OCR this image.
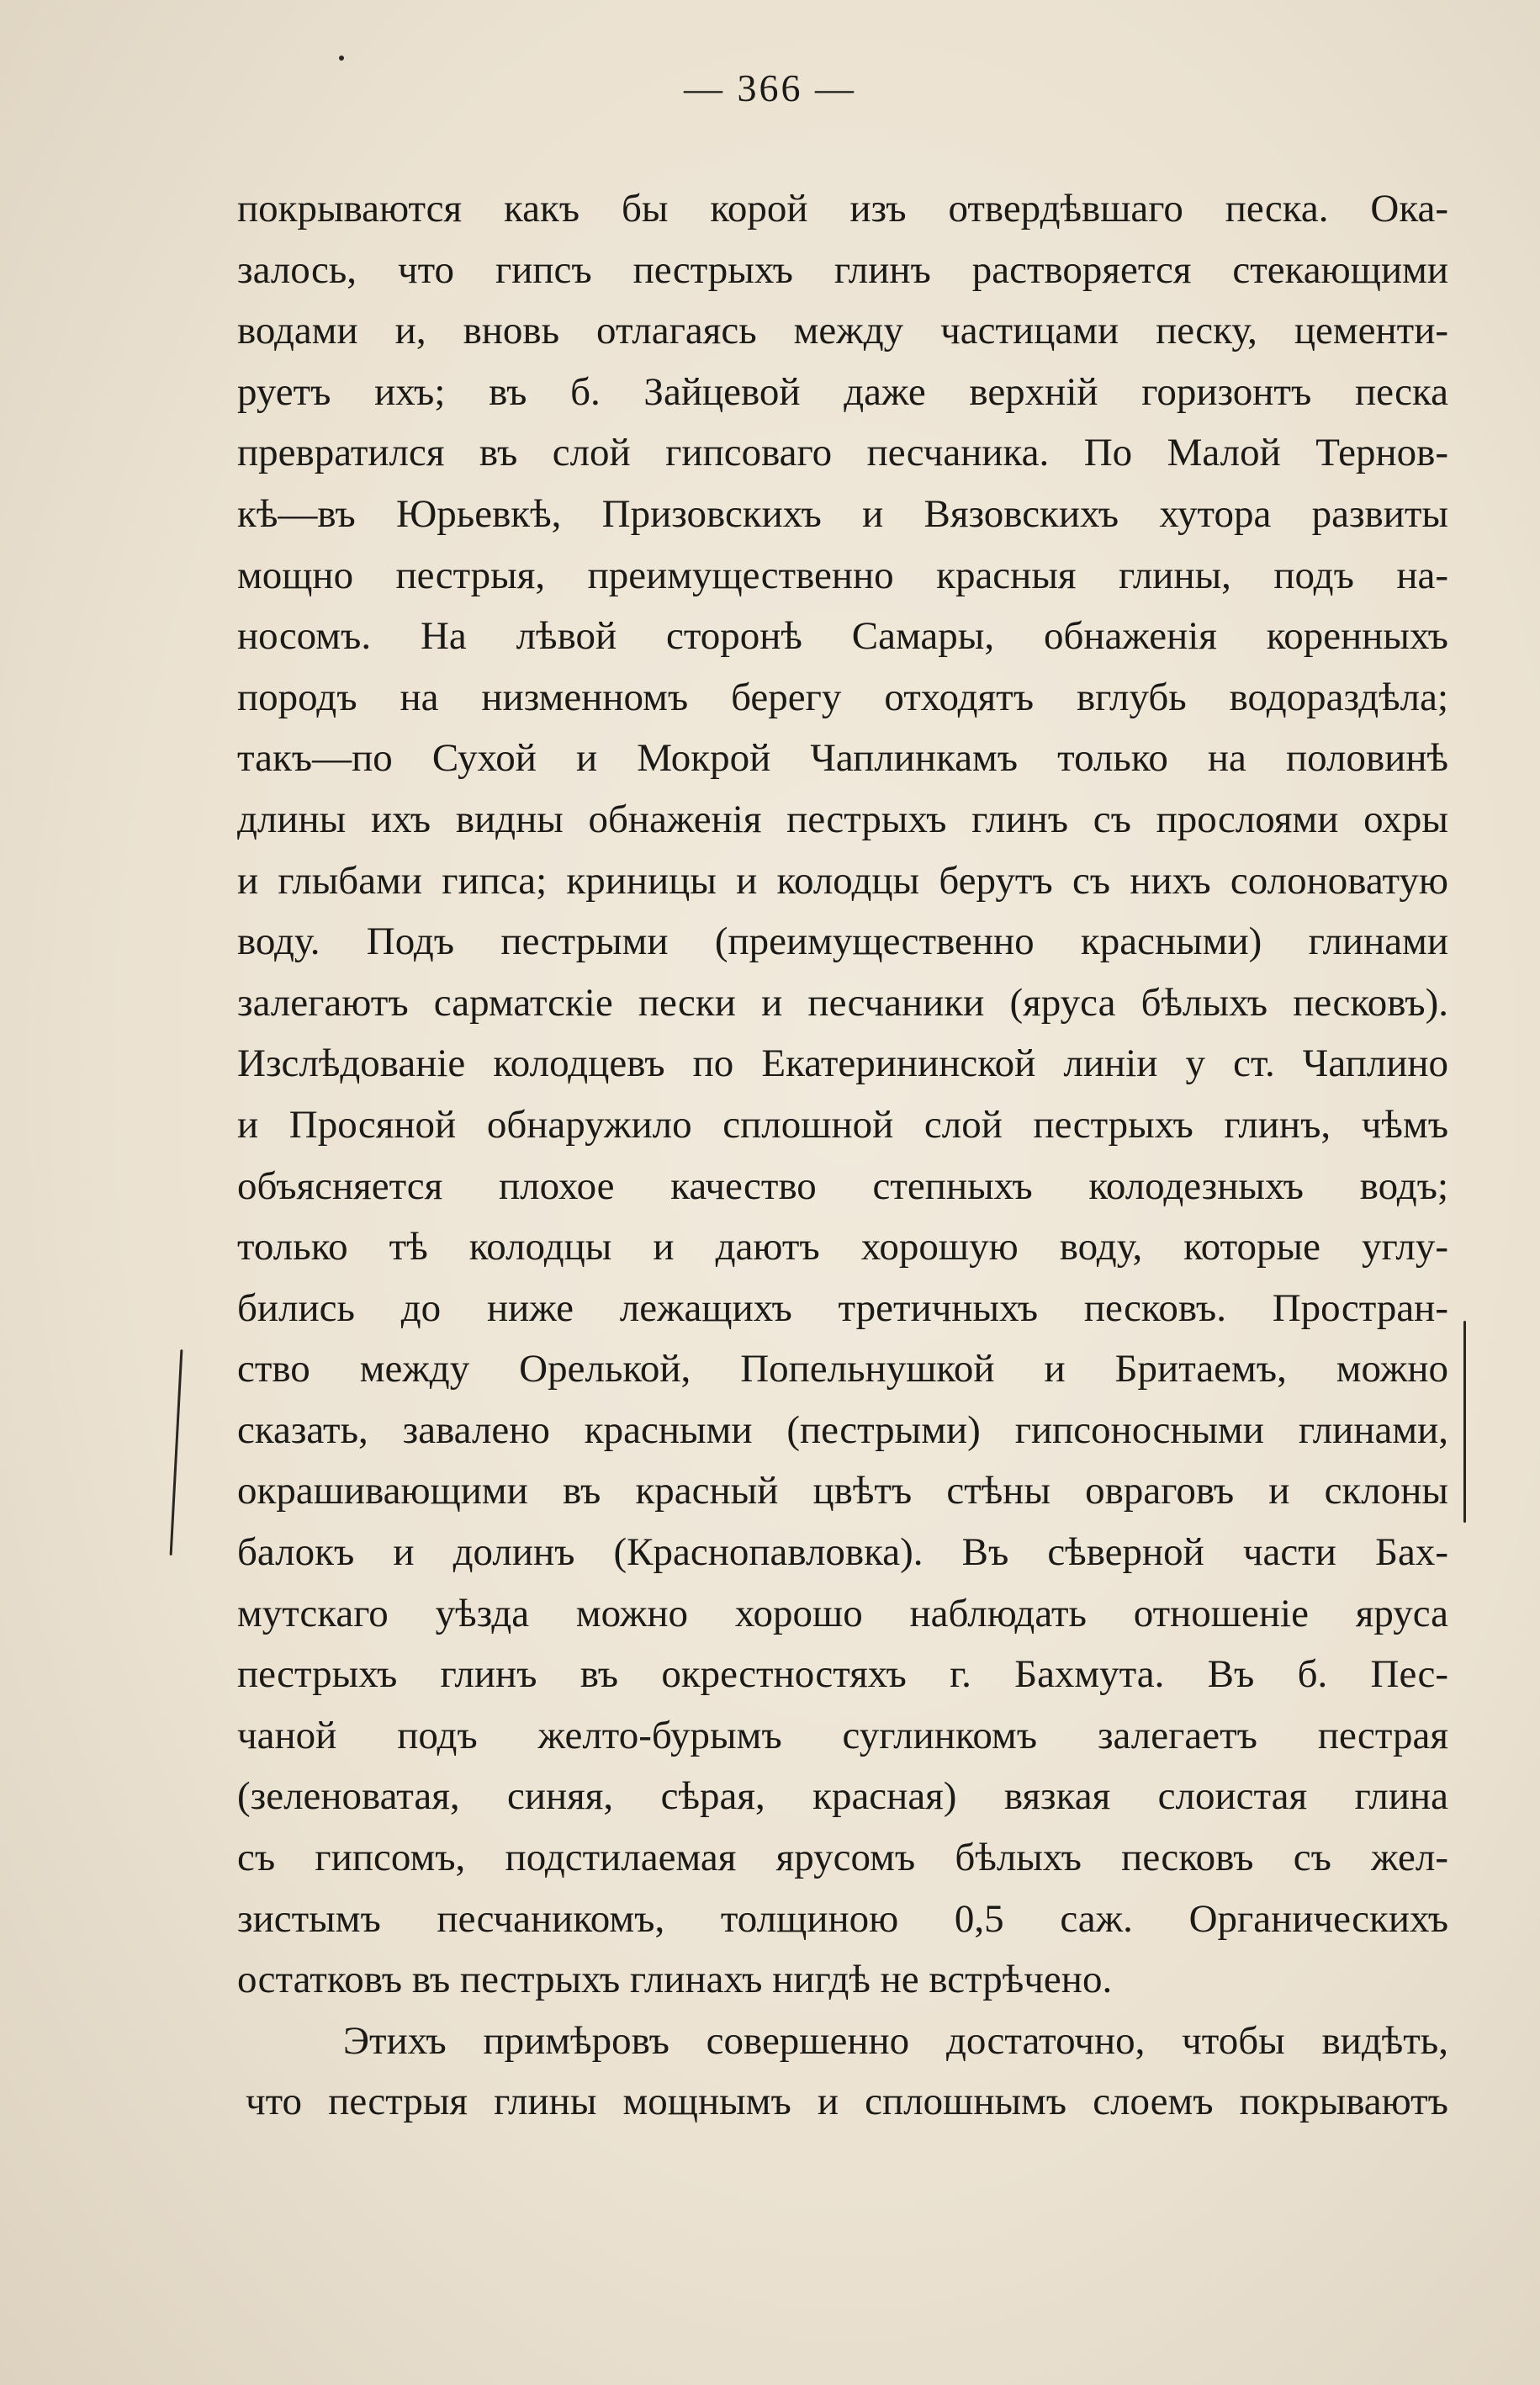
— 366 —
покрываются какъ бы корой изъ отвердѣвшаго песка. Ока-
залось, что гипсъ пестрыхъ глинъ растворяется стекающими
водами и, вновь отлагаясь между частицами песку, цементи-
руетъ ихъ; въ б. Зайцевой даже верхній горизонтъ песка
превратился въ слой гипсоваго песчаника. По Малой Тернов-
кѣ—въ Юрьевкѣ, Призовскихъ и Вязовскихъ хутора развиты
мощно пестрыя, преимущественно красныя глины, подъ на-
носомъ. На лѣвой сторонѣ Самары, обнаженія коренныхъ
породъ на низменномъ берегу отходятъ вглубь водораздѣла;
такъ—по Сухой и Мокрой Чаплинкамъ только на половинѣ
длины ихъ видны обнаженія пестрыхъ глинъ съ прослоями охры
и глыбами гипса; криницы и колодцы берутъ съ нихъ солоноватую
воду. Подъ пестрыми (преимущественно красными) глинами
залегаютъ сарматскіе пески и песчаники (яруса бѣлыхъ песковъ).
Изслѣдованіе колодцевъ по Екатерининской линіи у ст. Чаплино
и Просяной обнаружило сплошной слой пестрыхъ глинъ, чѣмъ
объясняется плохое качество степныхъ колодезныхъ водъ;
только тѣ колодцы и даютъ хорошую воду, которые углу-
бились до ниже лежащихъ третичныхъ песковъ. Простран-
ство между Орелькой, Попельнушкой и Бритаемъ, можно
сказать, завалено красными (пестрыми) гипсоносными глинами,
окрашивающими въ красный цвѣтъ стѣны овраговъ и склоны
балокъ и долинъ (Краснопавловка). Въ сѣверной части Бах-
мутскаго уѣзда можно хорошо наблюдать отношеніе яруса
пестрыхъ глинъ въ окрестностяхъ г. Бахмута. Въ б. Пес-
чаной подъ желто-бурымъ суглинкомъ залегаетъ пестрая
(зеленоватая, синяя, сѣрая, красная) вязкая слоистая глина
съ гипсомъ, подстилаемая ярусомъ бѣлыхъ песковъ съ жел-
зистымъ песчаникомъ, толщиною 0,5 саж. Органическихъ
остатковъ въ пестрыхъ глинахъ нигдѣ не встрѣчено.
Этихъ примѣровъ совершенно достаточно, чтобы видѣть,
что пестрыя глины мощнымъ и сплошнымъ слоемъ покрываютъ
